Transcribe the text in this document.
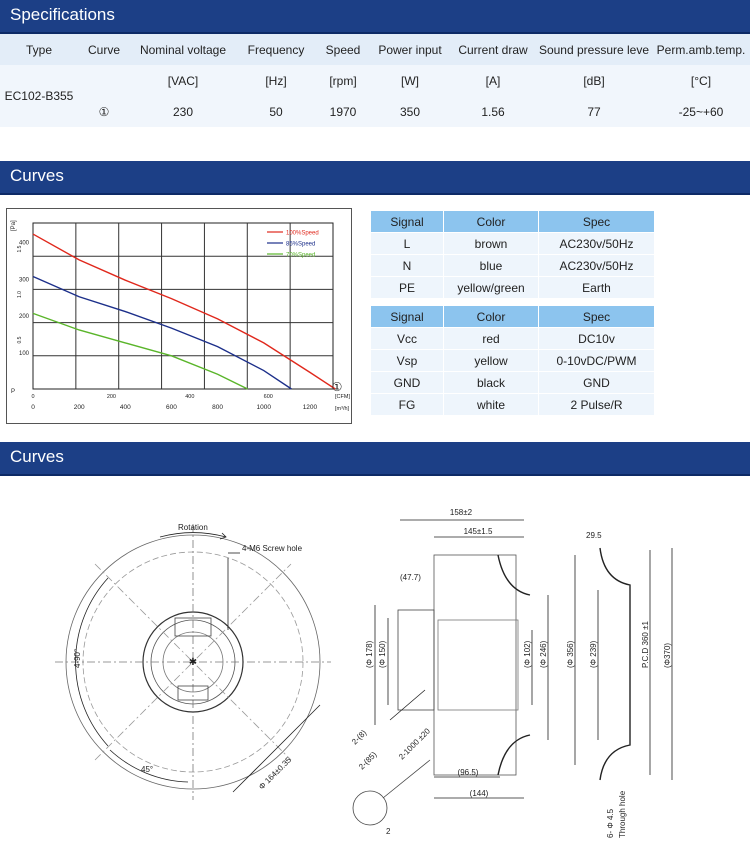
Specifications
Type	Curve	Nominal voltage	Frequency	Speed	Power input	Current draw	Sound pressure leve	Perm.amb.temp.
EC102-B355		[VAC]	[Hz]	[rpm]	[W]	[A]	[dB]	[°C]
	①	230	50	1970	350	1.56	77	-25~+60
Curves
100%Speed
85%Speed
70%Speed
100
200
300
400
0.5
1.0
1.5
0	200	400	600	800	1000	1200
0	200	400	600	[CFM]
[m³/h]
[Pa]
P	①
Signal	Color	Spec
L	brown	AC230v/50Hz
N	blue	AC230v/50Hz
PE	yellow/green	Earth
Signal	Color	Spec
Vcc	red	DC10v
Vsp	yellow	0-10vDC/PWM
GND	black	GND
FG	white	2 Pulse/R
Curves
✱
Rotation
4-M6 Screw hole
4-90°
45°	Φ 164±0.35
158±2
145±1.5
(47.7)
(Φ 178) (Φ 150)	(Φ 102) (Φ 246) (Φ 356)
2-(8)
2-(85) 2-1000 ±20
(96.5)
(144)
2
29.5
(Φ 239)	P.C.D 360 ±1 (Φ370)
6- Φ 4.5 Through hole
